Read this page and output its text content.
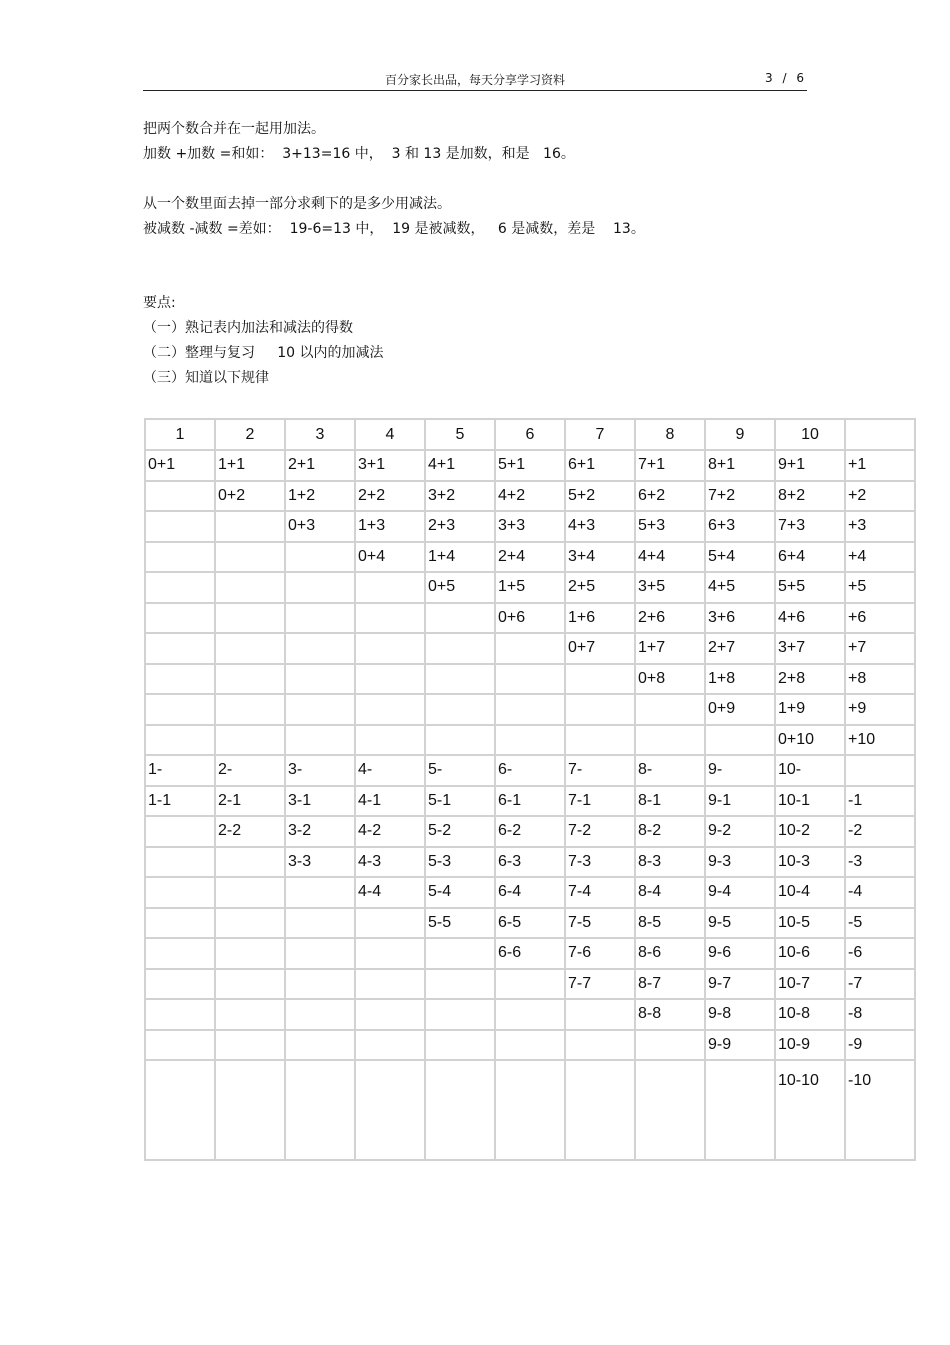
百分家长出品，每天分享学习资料	3 / 6

把两个数合并在一起用加法。

加数 +加数 =和如：  3+13=16 中，  3 和 13 是加数，和是   16。

从一个数里面去掉一部分求剩下的是多少用减法。

被减数 -减数 =差如：  19-6=13 中，  19 是被减数，   6 是减数，差是    13。

要点:

（一）熟记表内加法和减法的得数

（二）整理与复习     10 以内的加减法

（三）知道以下规律

1	2	3	4	5	6	7	8	9	10	
0+1	1+1	2+1	3+1	4+1	5+1	6+1	7+1	8+1	9+1	+1
	0+2	1+2	2+2	3+2	4+2	5+2	6+2	7+2	8+2	+2
		0+3	1+3	2+3	3+3	4+3	5+3	6+3	7+3	+3
			0+4	1+4	2+4	3+4	4+4	5+4	6+4	+4
				0+5	1+5	2+5	3+5	4+5	5+5	+5
					0+6	1+6	2+6	3+6	4+6	+6
						0+7	1+7	2+7	3+7	+7
							0+8	1+8	2+8	+8
								0+9	1+9	+9
									0+10	+10
1-	2-	3-	4-	5-	6-	7-	8-	9-	10-	
1-1	2-1	3-1	4-1	5-1	6-1	7-1	8-1	9-1	10-1	-1
	2-2	3-2	4-2	5-2	6-2	7-2	8-2	9-2	10-2	-2
		3-3	4-3	5-3	6-3	7-3	8-3	9-3	10-3	-3
			4-4	5-4	6-4	7-4	8-4	9-4	10-4	-4
				5-5	6-5	7-5	8-5	9-5	10-5	-5
					6-6	7-6	8-6	9-6	10-6	-6
						7-7	8-7	9-7	10-7	-7
							8-8	9-8	10-8	-8
								9-9	10-9	-9
									10-10	-10
